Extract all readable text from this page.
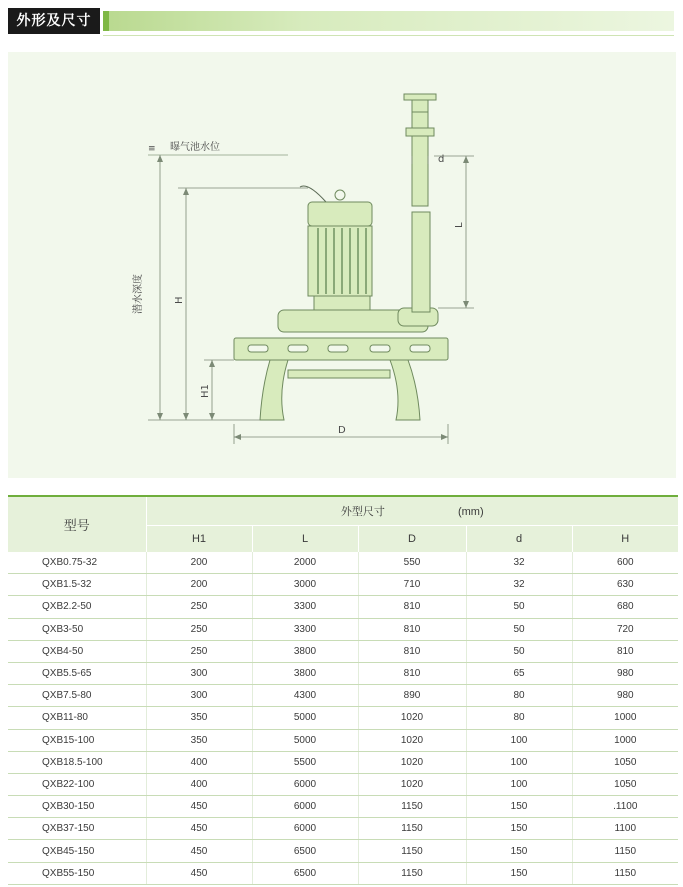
外形及尺寸
≡ 曝气池水位
潜水深度	H
H1
D
d
L
型号	外型尺寸 (mm)				
	H1	L	D	d	H
QXB0.75-32	200	2000	550	32	600
QXB1.5-32	200	3000	710	32	630
QXB2.2-50	250	3300	810	50	680
QXB3-50	250	3300	810	50	720
QXB4-50	250	3800	810	50	810
QXB5.5-65	300	3800	810	65	980
QXB7.5-80	300	4300	890	80	980
QXB11-80	350	5000	1020	80	1000
QXB15-100	350	5000	1020	100	1000
QXB18.5-100	400	5500	1020	100	1050
QXB22-100	400	6000	1020	100	1050
QXB30-150	450	6000	1150	150	.1100
QXB37-150	450	6000	1150	150	1100
QXB45-150	450	6500	1150	150	1150
QXB55-150	450	6500	1150	150	1150
